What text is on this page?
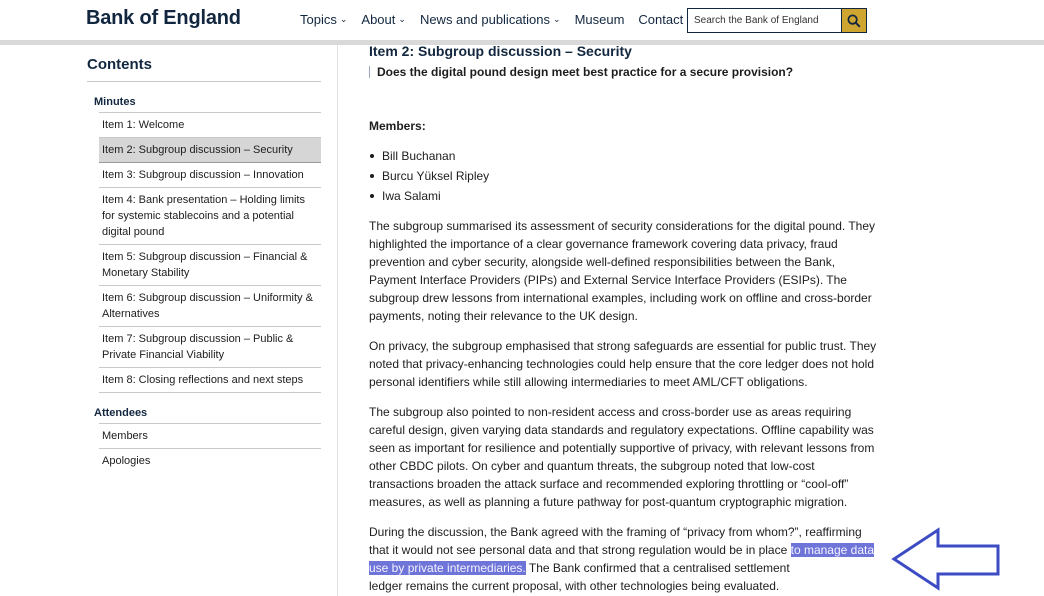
Bank of England	Topics ⌄ About ⌄ News and publications ⌄ Museum Contact
Search the Bank of England
Contents
Minutes
Item 1: Welcome
Item 2: Subgroup discussion – Security
Item 3: Subgroup discussion – Innovation
Item 4: Bank presentation – Holding limits for systemic stablecoins and a potential digital pound
Item 5: Subgroup discussion – Financial & Monetary Stability
Item 6: Subgroup discussion – Uniformity & Alternatives
Item 7: Subgroup discussion – Public & Private Financial Viability
Item 8: Closing reflections and next steps
Attendees
Members
Apologies
Item 2: Subgroup discussion – Security
Does the digital pound design meet best practice for a secure provision?
Members:
Bill Buchanan
Burcu Yüksel Ripley
Iwa Salami

The subgroup summarised its assessment of security considerations for the digital pound. They highlighted the importance of a clear governance framework covering data privacy, fraud prevention and cyber security, alongside well-defined responsibilities between the Bank, Payment Interface Providers (PIPs) and External Service Interface Providers (ESIPs). The subgroup drew lessons from international examples, including work on offline and cross-border payments, noting their relevance to the UK design.

On privacy, the subgroup emphasised that strong safeguards are essential for public trust. They noted that privacy-enhancing technologies could help ensure that the core ledger does not hold personal identifiers while still allowing intermediaries to meet AML/CFT obligations.

The subgroup also pointed to non-resident access and cross-border use as areas requiring careful design, given varying data standards and regulatory expectations. Offline capability was seen as important for resilience and potentially supportive of privacy, with relevant lessons from other CBDC pilots. On cyber and quantum threats, the subgroup noted that low-cost transactions broaden the attack surface and recommended exploring throttling or “cool-off” measures, as well as planning a future pathway for post-quantum cryptographic migration.

During the discussion, the Bank agreed with the framing of “privacy from whom?”, reaffirming that it would not see personal data and that strong regulation would be in place to manage data
use by private intermediaries. The Bank confirmed that a centralised settlement
ledger remains the current proposal, with other technologies being evaluated.
